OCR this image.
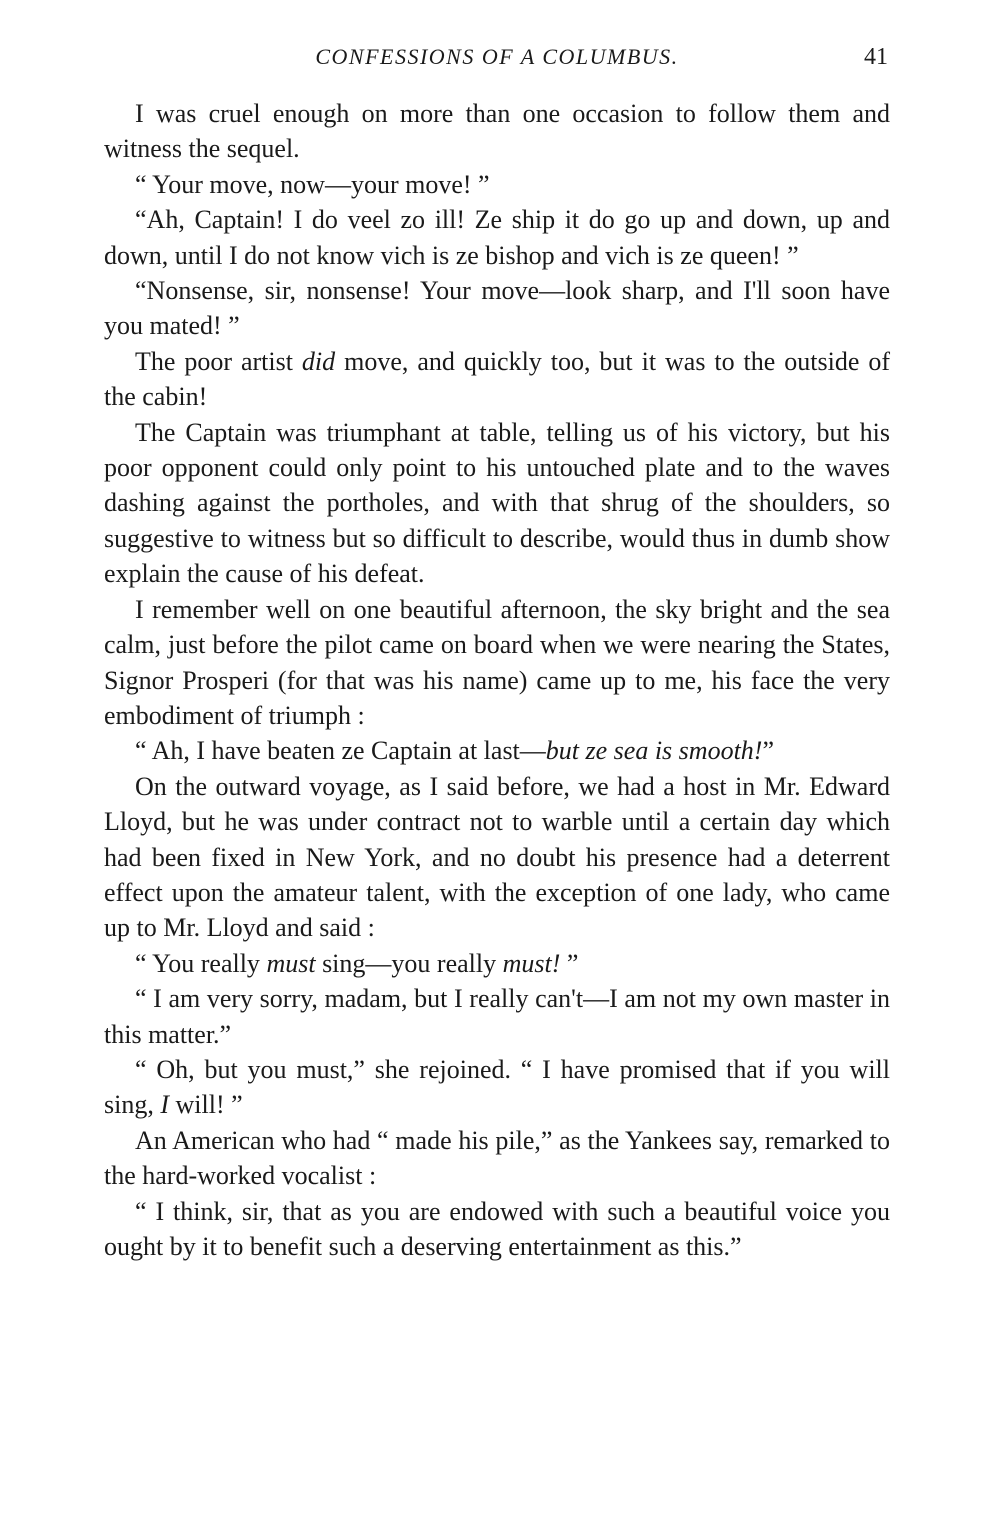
CONFESSIONS OF A COLUMBUS.	41

I was cruel enough on more than one occasion to follow them and witness the sequel.

“ Your move, now—your move! ”

“Ah, Captain! I do veel zo ill! Ze ship it do go up and down, up and down, until I do not know vich is ze bishop and vich is ze queen! ”

“Nonsense, sir, nonsense! Your move—look sharp, and I'll soon have you mated! ”

The poor artist did move, and quickly too, but it was to the outside of the cabin!

The Captain was triumphant at table, telling us of his victory, but his poor opponent could only point to his untouched plate and to the waves dashing against the portholes, and with that shrug of the shoulders, so suggestive to witness but so difficult to describe, would thus in dumb show explain the cause of his defeat.

I remember well on one beautiful afternoon, the sky bright and the sea calm, just before the pilot came on board when we were nearing the States, Signor Prosperi (for that was his name) came up to me, his face the very embodiment of triumph :

“ Ah, I have beaten ze Captain at last—but ze sea is smooth!”

On the outward voyage, as I said before, we had a host in Mr. Edward Lloyd, but he was under contract not to warble until a certain day which had been fixed in New York, and no doubt his presence had a deterrent effect upon the amateur talent, with the exception of one lady, who came up to Mr. Lloyd and said :

“ You really must sing—you really must! ”

“ I am very sorry, madam, but I really can't—I am not my own master in this matter.”

“ Oh, but you must,” she rejoined. “ I have promised that if you will sing, I will! ”

An American who had “ made his pile,” as the Yankees say, remarked to the hard-worked vocalist :

“ I think, sir, that as you are endowed with such a beautiful voice you ought by it to benefit such a deserving entertainment as this.”
